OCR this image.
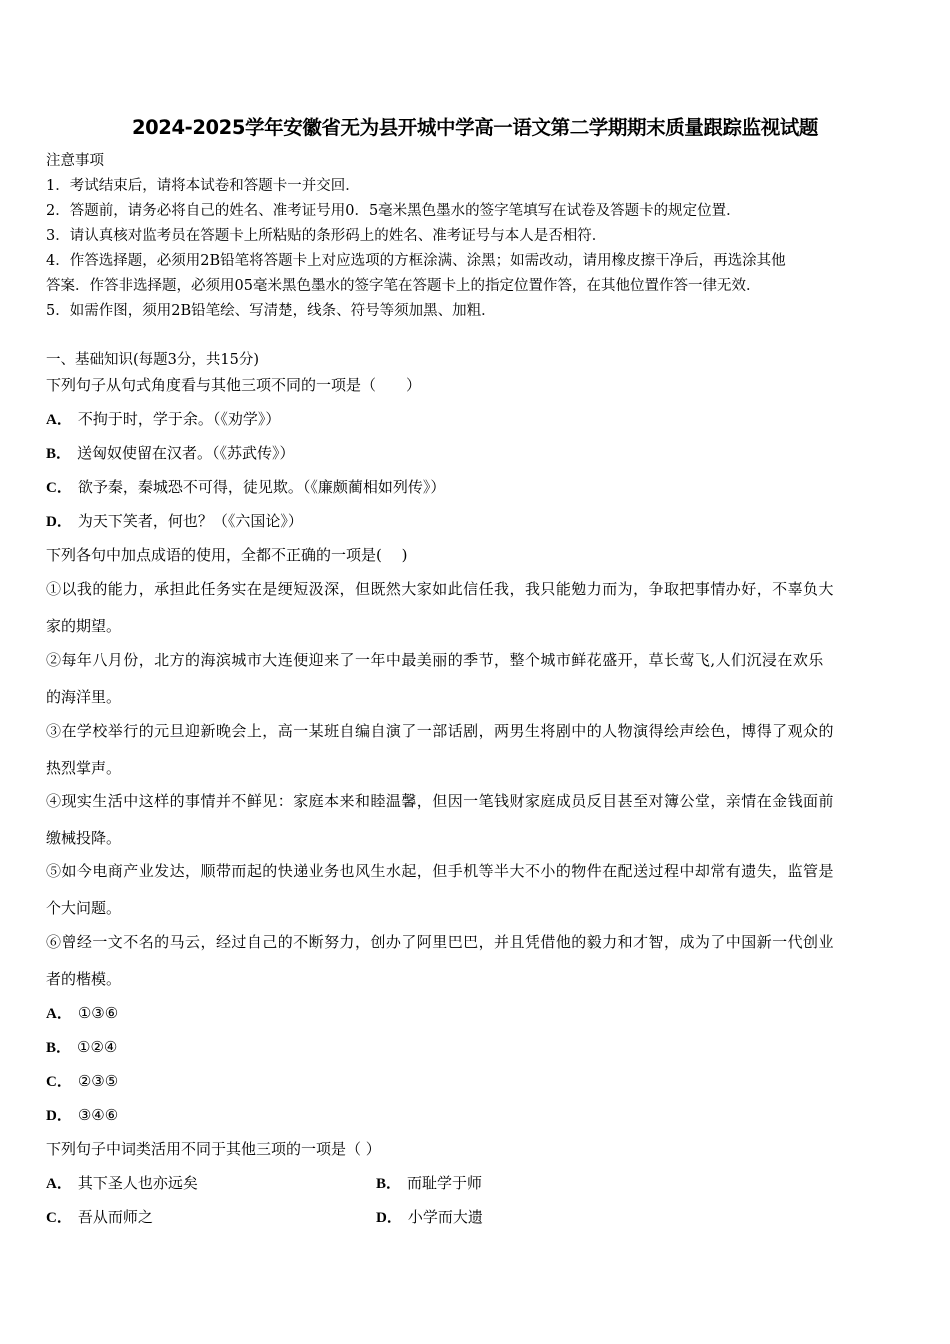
2024-2025学年安徽省无为县开城中学高一语文第二学期期末质量跟踪监视试题
注意事项
1．考试结束后，请将本试卷和答题卡一并交回．
2．答题前，请务必将自己的姓名、准考证号用0．5毫米黑色墨水的签字笔填写在试卷及答题卡的规定位置．
3．请认真核对监考员在答题卡上所粘贴的条形码上的姓名、准考证号与本人是否相符．
4．作答选择题，必须用2B铅笔将答题卡上对应选项的方框涂满、涂黑；如需改动，请用橡皮擦干净后，再选涂其他
答案．作答非选择题，必须用05毫米黑色墨水的签字笔在答题卡上的指定位置作答，在其他位置作答一律无效．
5．如需作图，须用2B铅笔绘、写清楚，线条、符号等须加黑、加粗．
一、基础知识(每题3分，共15分)
下列句子从句式角度看与其他三项不同的一项是（　　）
A． 不拘于时，学于余。（《劝学》）
B． 送匈奴使留在汉者。（《苏武传》）
C． 欲予秦，秦城恐不可得，徒见欺。（《廉颇蔺相如列传》）
D． 为天下笑者，何也？（《六国论》）
下列各句中加点成语的使用，全都不正确的一项是(　 )
①以我的能力，承担此任务实在是绠短汲深，但既然大家如此信任我，我只能勉力而为，争取把事情办好，不辜负大
家的期望。
②每年八月份，北方的海滨城市大连便迎来了一年中最美丽的季节，整个城市鲜花盛开，草长莺飞,人们沉浸在欢乐
的海洋里。
③在学校举行的元旦迎新晚会上，高一某班自编自演了一部话剧，两男生将剧中的人物演得绘声绘色，博得了观众的
热烈掌声。
④现实生活中这样的事情并不鲜见：家庭本来和睦温馨，但因一笔钱财家庭成员反目甚至对簿公堂，亲情在金钱面前
缴械投降。
⑤如今电商产业发达，顺带而起的快递业务也风生水起，但手机等半大不小的物件在配送过程中却常有遗失，监管是
个大问题。
⑥曾经一文不名的马云，经过自己的不断努力，创办了阿里巴巴，并且凭借他的毅力和才智，成为了中国新一代创业
者的楷模。
A． ①③⑥
B． ①②④
C． ②③⑤
D． ③④⑥
下列句子中词类活用不同于其他三项的一项是（ ）
A． 其下圣人也亦远矣	B． 而耻学于师
C． 吾从而师之	D． 小学而大遗
